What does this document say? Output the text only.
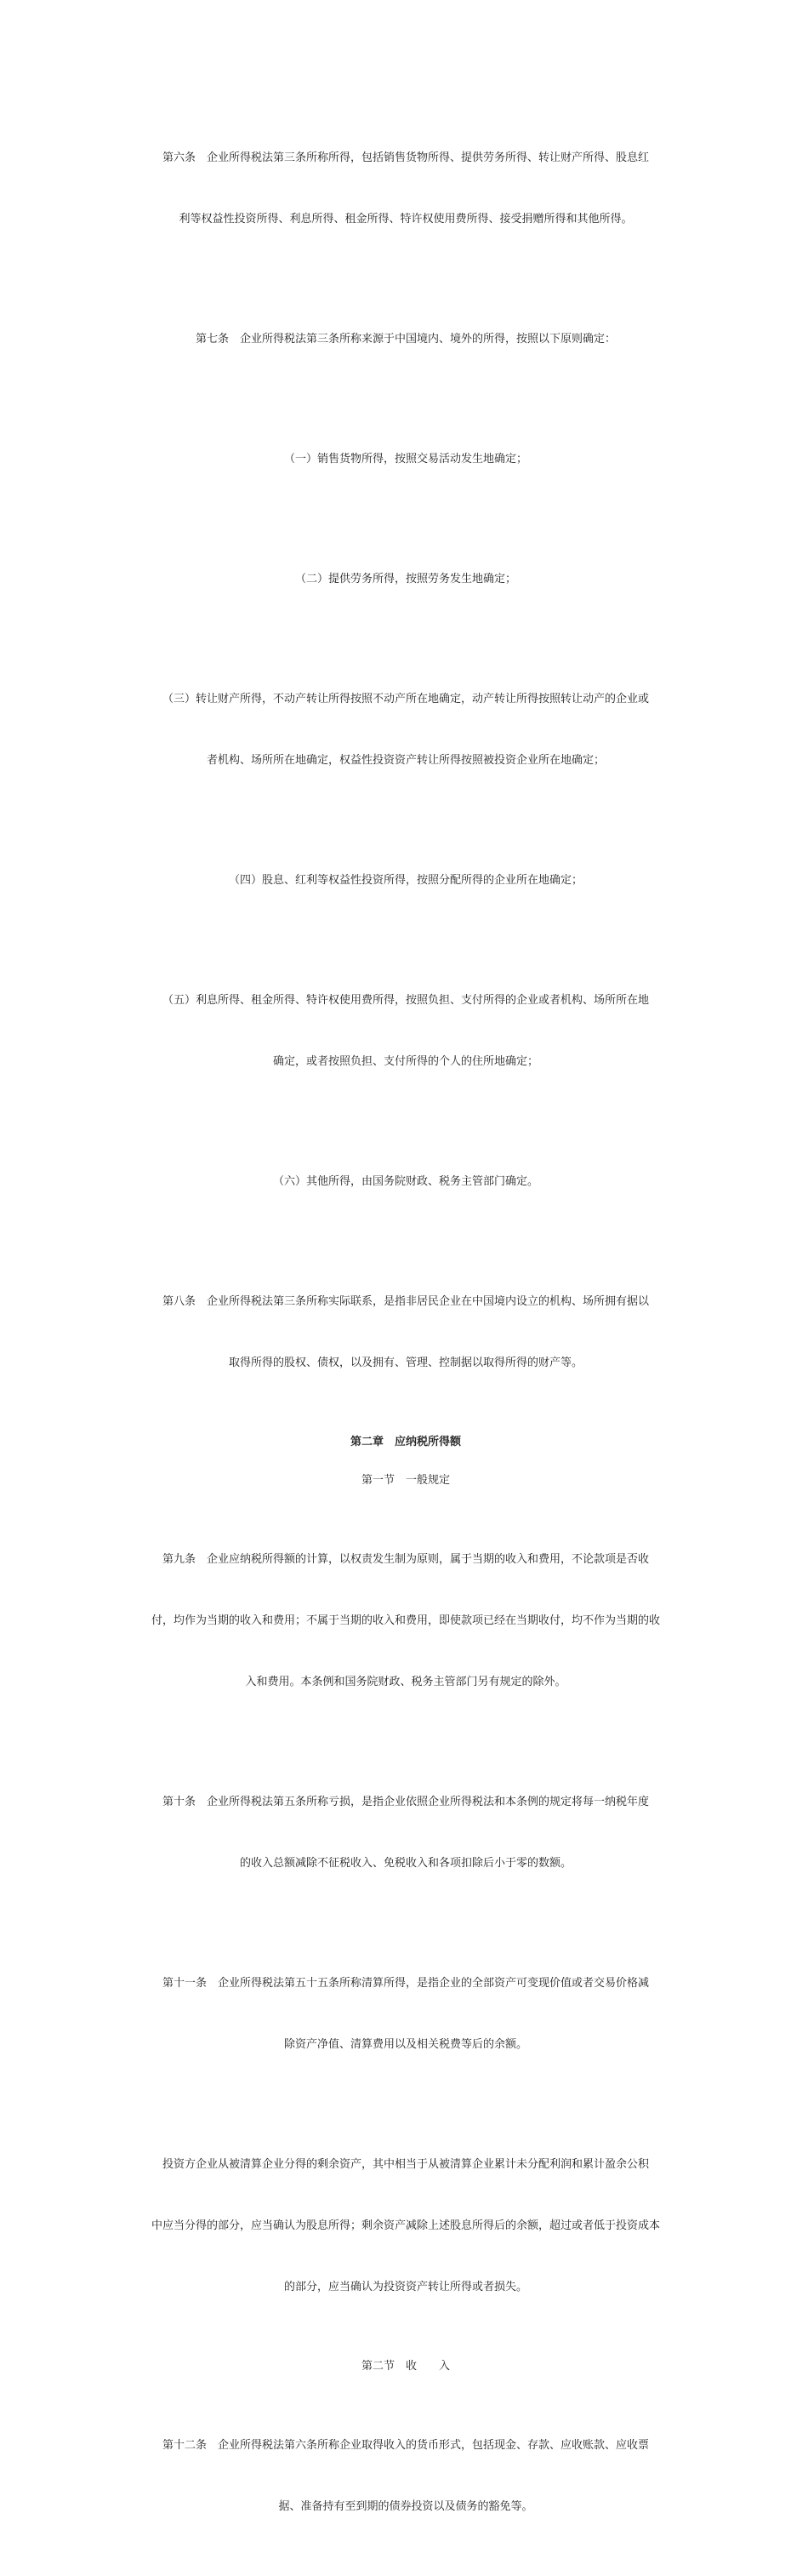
第六条　企业所得税法第三条所称所得，包括销售货物所得、提供劳务所得、转让财产所得、股息红

利等权益性投资所得、利息所得、租金所得、特许权使用费所得、接受捐赠所得和其他所得。

第七条　企业所得税法第三条所称来源于中国境内、境外的所得，按照以下原则确定：

（一）销售货物所得，按照交易活动发生地确定；

（二）提供劳务所得，按照劳务发生地确定；

（三）转让财产所得，不动产转让所得按照不动产所在地确定，动产转让所得按照转让动产的企业或

者机构、场所所在地确定，权益性投资资产转让所得按照被投资企业所在地确定；

（四）股息、红利等权益性投资所得，按照分配所得的企业所在地确定；

（五）利息所得、租金所得、特许权使用费所得，按照负担、支付所得的企业或者机构、场所所在地

确定，或者按照负担、支付所得的个人的住所地确定；

（六）其他所得，由国务院财政、税务主管部门确定。

第八条　企业所得税法第三条所称实际联系，是指非居民企业在中国境内设立的机构、场所拥有据以

取得所得的股权、债权，以及拥有、管理、控制据以取得所得的财产等。

第二章　应纳税所得额
第一节　一般规定

第九条　企业应纳税所得额的计算，以权责发生制为原则，属于当期的收入和费用，不论款项是否收

付，均作为当期的收入和费用；不属于当期的收入和费用，即使款项已经在当期收付，均不作为当期的收

入和费用。本条例和国务院财政、税务主管部门另有规定的除外。

第十条　企业所得税法第五条所称亏损，是指企业依照企业所得税法和本条例的规定将每一纳税年度

的收入总额减除不征税收入、免税收入和各项扣除后小于零的数额。

第十一条　企业所得税法第五十五条所称清算所得，是指企业的全部资产可变现价值或者交易价格减

除资产净值、清算费用以及相关税费等后的余额。

投资方企业从被清算企业分得的剩余资产，其中相当于从被清算企业累计未分配利润和累计盈余公积

中应当分得的部分，应当确认为股息所得；剩余资产减除上述股息所得后的余额，超过或者低于投资成本

的部分，应当确认为投资资产转让所得或者损失。

第二节　收　　入

第十二条　企业所得税法第六条所称企业取得收入的货币形式，包括现金、存款、应收账款、应收票

据、准备持有至到期的债券投资以及债务的豁免等。
